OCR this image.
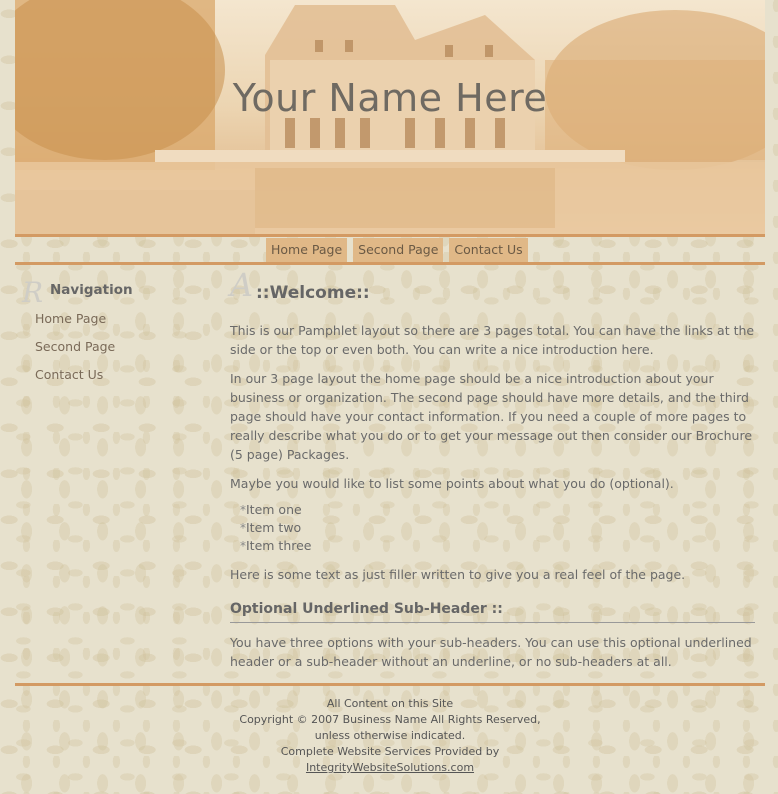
Your Name Here
Home Page	Second Page	Contact Us
R Navigation
Home Page
Second Page
Contact Us
A ::Welcome::

This is our Pamphlet layout so there are 3 pages total. You can have the links at the side or the top or even both. You can write a nice introduction here.

In our 3 page layout the home page should be a nice introduction about your business or organization. The second page should have more details, and the third page should have your contact information. If you need a couple of more pages to really describe what you do or to get your message out then consider our Brochure (5 page) Packages.

Maybe you would like to list some points about what you do (optional).

*Item one
*Item two
*Item three

Here is some text as just filler written to give you a real feel of the page.

Optional Underlined Sub-Header ::

You have three options with your sub-headers. You can use this optional underlined header or a sub-header without an underline, or no sub-headers at all.

All Content on this Site
Copyright © 2007 Business Name All Rights Reserved,
unless otherwise indicated.
Complete Website Services Provided by
IntegrityWebsiteSolutions.com
